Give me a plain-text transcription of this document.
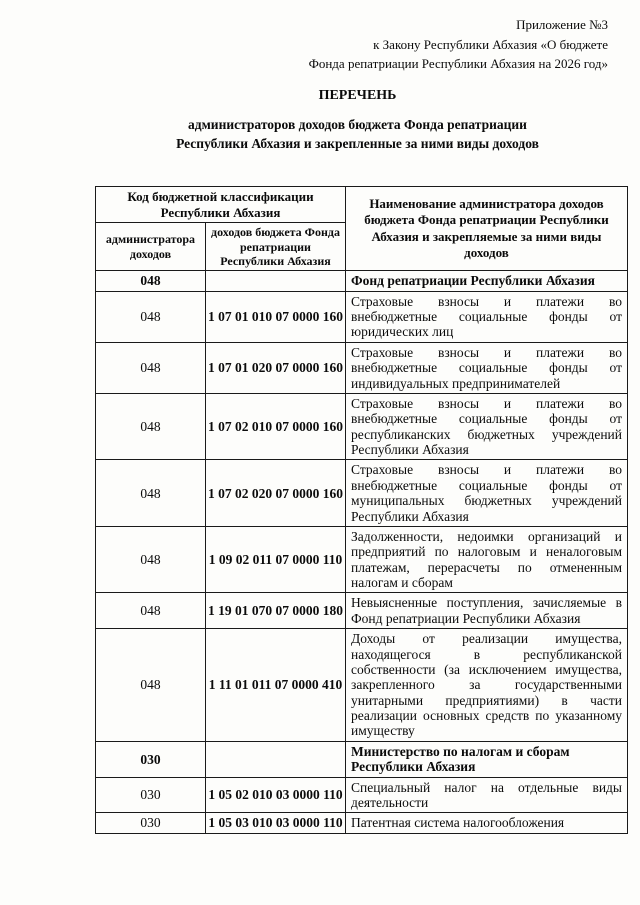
Приложение №3
к Закону Республики Абхазия «О бюджете
Фонда репатриации Республики Абхазия на 2026 год»
ПЕРЕЧЕНЬ
администраторов доходов бюджета Фонда репатриации
Республики Абхазия и закрепленные за ними виды доходов
Код бюджетной классификации Республики Абхазия		Наименование администратора доходов бюджета Фонда репатриации Республики Абхазия и закрепляемые за ними виды доходов
администратора доходов	доходов бюджета Фонда репатриации Республики Абхазия	
048		Фонд репатриации Республики Абхазия
048	1 07 01 010 07 0000 160	Страховые взносы и платежи во внебюджетные социальные фонды от юридических лиц
048	1 07 01 020 07 0000 160	Страховые взносы и платежи во внебюджетные социальные фонды от индивидуальных предпринимателей
048	1 07 02 010 07 0000 160	Страховые взносы и платежи во внебюджетные социальные фонды от республиканских бюджетных учреждений Республики Абхазия
048	1 07 02 020 07 0000 160	Страховые взносы и платежи во внебюджетные социальные фонды от муниципальных бюджетных учреждений Республики Абхазия
048	1 09 02 011 07 0000 110	Задолженности, недоимки организаций и предприятий по налоговым и неналоговым платежам, перерасчеты по отмененным налогам и сборам
048	1 19 01 070 07 0000 180	Невыясненные поступления, зачисляемые в Фонд репатриации Республики Абхазия
048	1 11 01 011 07 0000 410	Доходы от реализации имущества, находящегося в республиканской собственности (за исключением имущества, закрепленного за государственными унитарными предприятиями) в части реализации основных средств по указанному имуществу
030		Министерство по налогам и сборам Республики Абхазия
030	1 05 02 010 03 0000 110	Специальный налог на отдельные виды деятельности
030	1 05 03 010 03 0000 110	Патентная система налогообложения
